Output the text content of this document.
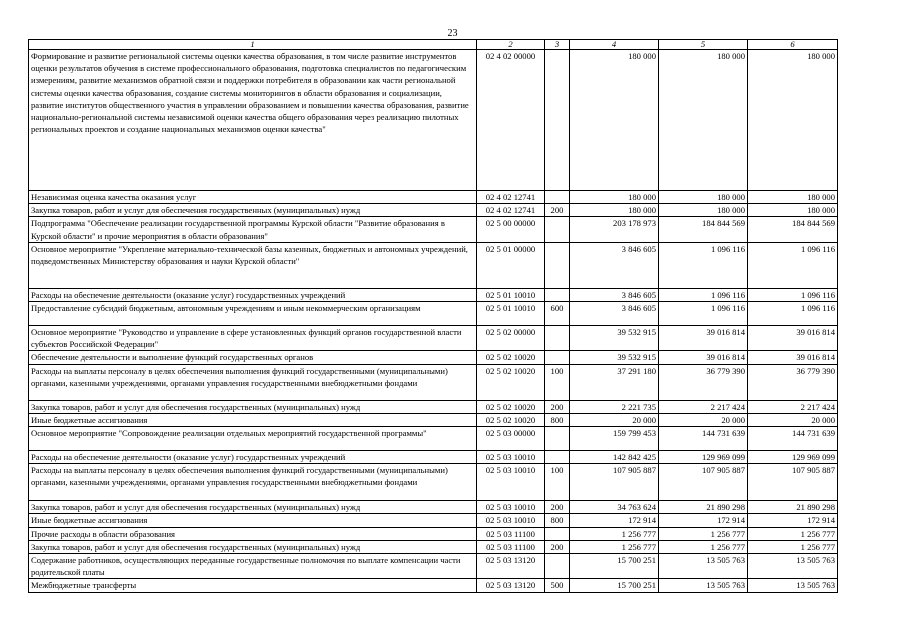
23
1	2	3	4	5	6
Формирование и развитие региональной системы оценки качества образования, в том числе развитие инструментов оценки результатов обучения в системе профессионального образования, подготовка специалистов по педагогическим измерениям, развитие механизмов обратной связи и поддержки потребителя в образовании как части региональной системы оценки качества образования, создание системы мониторингов в области образования и социализации, развитие институтов общественного участия в управлении образованием и повышении качества образования, развитие национально-региональной системы независимой оценки качества общего образования через реализацию пилотных региональных проектов и создание национальных механизмов оценки качества"	02 4 02 00000		180 000	180 000	180 000
Независимая оценка качества оказания услуг	02 4 02 12741		180 000	180 000	180 000
Закупка товаров, работ и услуг для обеспечения государственных (муниципальных) нужд	02 4 02 12741	200	180 000	180 000	180 000
Подпрограмма "Обеспечение реализации государственной программы Курской области "Развитие образования в Курской области" и прочие мероприятия в области образования"	02 5 00 00000		203 178 973	184 844 569	184 844 569
Основное мероприятие "Укрепление материально-технической базы казенных, бюджетных и автономных учреждений, подведомственных Министерству образования и науки Курской области"	02 5 01 00000		3 846 605	1 096 116	1 096 116
Расходы на обеспечение деятельности (оказание услуг) государственных учреждений	02 5 01 10010		3 846 605	1 096 116	1 096 116
Предоставление субсидий бюджетным, автономным учреждениям и иным некоммерческим организациям	02 5 01 10010	600	3 846 605	1 096 116	1 096 116
Основное мероприятие "Руководство и управление в сфере установленных функций органов государственной власти субъектов Российской Федерации"	02 5 02 00000		39 532 915	39 016 814	39 016 814
Обеспечение деятельности и выполнение функций государственных органов	02 5 02 10020		39 532 915	39 016 814	39 016 814
Расходы на выплаты персоналу в целях обеспечения выполнения функций государственными (муниципальными) органами, казенными учреждениями, органами управления государственными внебюджетными фондами	02 5 02 10020	100	37 291 180	36 779 390	36 779 390
Закупка товаров, работ и услуг для обеспечения государственных (муниципальных) нужд	02 5 02 10020	200	2 221 735	2 217 424	2 217 424
Иные бюджетные ассигнования	02 5 02 10020	800	20 000	20 000	20 000
Основное мероприятие "Сопровождение реализации отдельных мероприятий государственной программы"	02 5 03 00000		159 799 453	144 731 639	144 731 639
Расходы на обеспечение деятельности (оказание услуг) государственных учреждений	02 5 03 10010		142 842 425	129 969 099	129 969 099
Расходы на выплаты персоналу в целях обеспечения выполнения функций государственными (муниципальными) органами, казенными учреждениями, органами управления государственными внебюджетными фондами	02 5 03 10010	100	107 905 887	107 905 887	107 905 887
Закупка товаров, работ и услуг для обеспечения государственных (муниципальных) нужд	02 5 03 10010	200	34 763 624	21 890 298	21 890 298
Иные бюджетные ассигнования	02 5 03 10010	800	172 914	172 914	172 914
Прочие расходы в области образования	02 5 03 11100		1 256 777	1 256 777	1 256 777
Закупка товаров, работ и услуг для обеспечения государственных (муниципальных) нужд	02 5 03 11100	200	1 256 777	1 256 777	1 256 777
Содержание работников, осуществляющих переданные государственные полномочия по выплате компенсации части родительской платы	02 5 03 13120		15 700 251	13 505 763	13 505 763
Межбюджетные трансферты	02 5 03 13120	500	15 700 251	13 505 763	13 505 763
